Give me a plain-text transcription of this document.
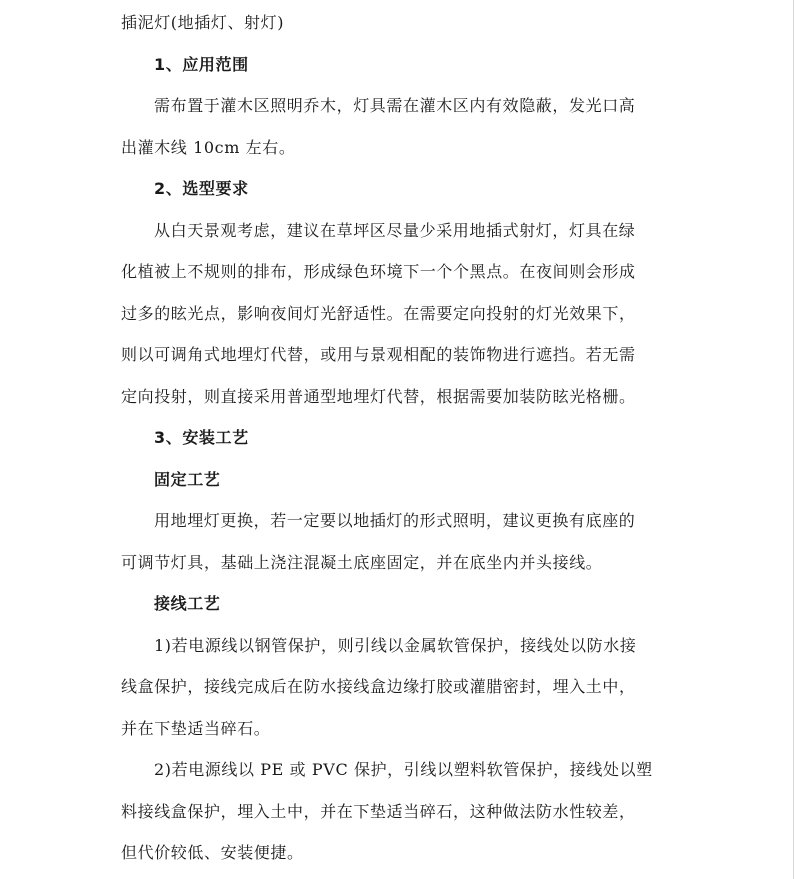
插泥灯(地插灯、射灯)
1、应用范围
需布置于灌木区照明乔木，灯具需在灌木区内有效隐蔽，发光口高
出灌木线 10cm 左右。
2、选型要求
从白天景观考虑，建议在草坪区尽量少采用地插式射灯，灯具在绿
化植被上不规则的排布，形成绿色环境下一个个黑点。在夜间则会形成
过多的眩光点，影响夜间灯光舒适性。在需要定向投射的灯光效果下，
则以可调角式地埋灯代替，或用与景观相配的装饰物进行遮挡。若无需
定向投射，则直接采用普通型地埋灯代替，根据需要加装防眩光格栅。
3、安装工艺
固定工艺
用地埋灯更换，若一定要以地插灯的形式照明，建议更换有底座的
可调节灯具，基础上浇注混凝土底座固定，并在底坐内并头接线。
接线工艺
1)若电源线以钢管保护，则引线以金属软管保护，接线处以防水接
线盒保护，接线完成后在防水接线盒边缘打胶或灌腊密封，埋入土中，
并在下垫适当碎石。
2)若电源线以 PE 或 PVC 保护，引线以塑料软管保护，接线处以塑
料接线盒保护，埋入土中，并在下垫适当碎石，这种做法防水性较差，
但代价较低、安装便捷。
